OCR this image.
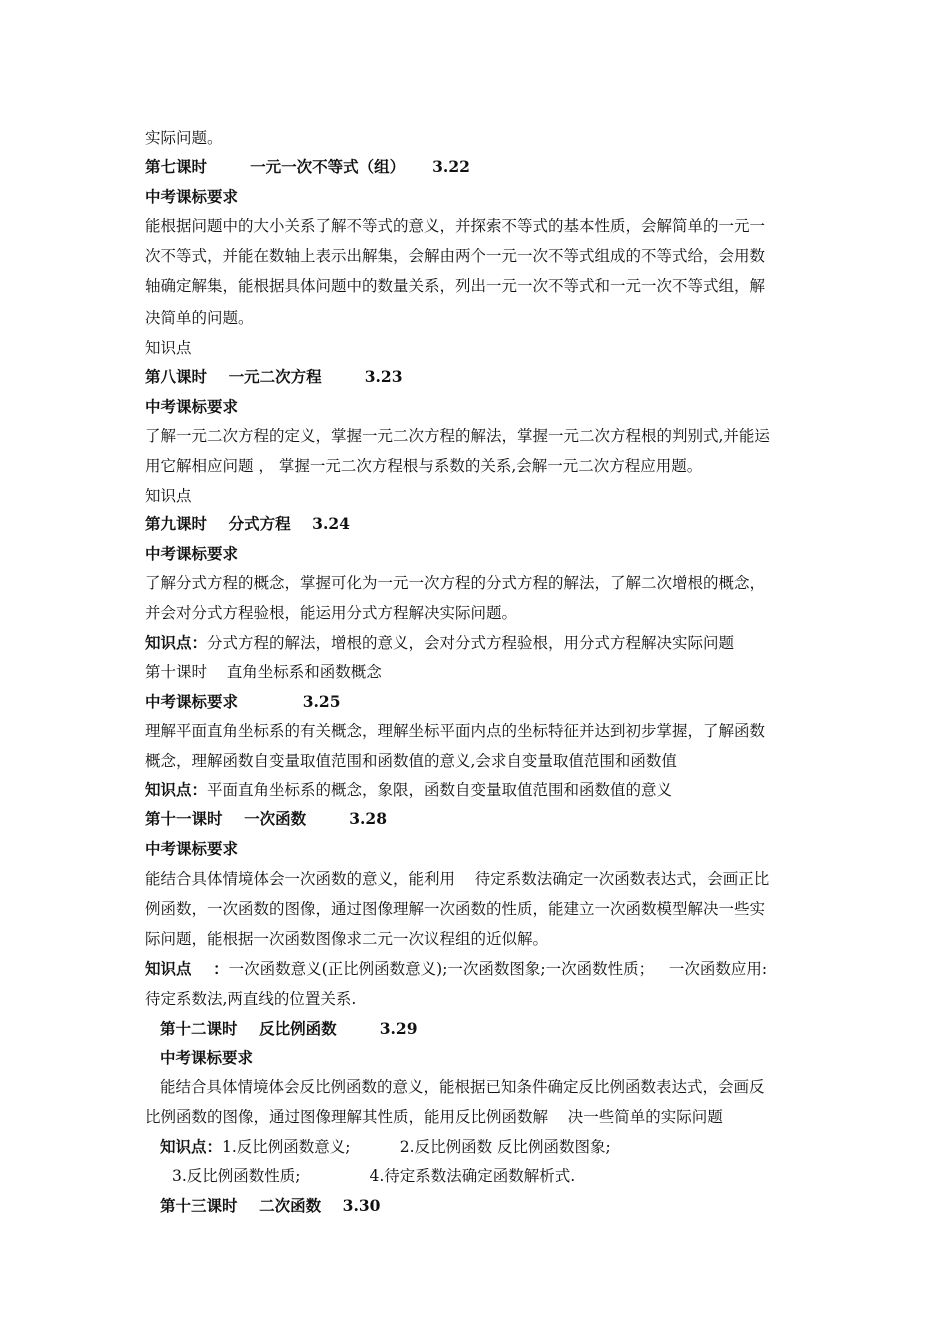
实际问题。
第七课时        一元一次不等式（组）     3.22
中考课标要求
能根据问题中的大小关系了解不等式的意义，并探索不等式的基本性质，会解简单的一元一
次不等式，并能在数轴上表示出解集，会解由两个一元一次不等式组成的不等式给，会用数
轴确定解集，能根据具体问题中的数量关系，列出一元一次不等式和一元一次不等式组，解
决简单的问题。
知识点
第八课时    一元二次方程        3.23
中考课标要求
了解一元二次方程的定义，掌握一元二次方程的解法，掌握一元二次方程根的判别式,并能运
用它解相应问题 ， 掌握一元二次方程根与系数的关系,会解一元二次方程应用题。
知识点
第九课时    分式方程    3.24
中考课标要求
了解分式方程的概念，掌握可化为一元一次方程的分式方程的解法，了解二次增根的概念，
并会对分式方程验根，能运用分式方程解决实际问题。
知识点：分式方程的解法，增根的意义，会对分式方程验根，用分式方程解决实际问题
第十课时    直角坐标系和函数概念
中考课标要求            3.25
理解平面直角坐标系的有关概念，理解坐标平面内点的坐标特征并达到初步掌握，了解函数
概念，理解函数自变量取值范围和函数值的意义,会求自变量取值范围和函数值
知识点：平面直角坐标系的概念，象限，函数自变量取值范围和函数值的意义
第十一课时    一次函数        3.28
中考课标要求
能结合具体情境体会一次函数的意义，能利用    待定系数法确定一次函数表达式，会画正比
例函数，一次函数的图像，通过图像理解一次函数的性质，能建立一次函数模型解决一些实
际问题，能根据一次函数图像求二元一次议程组的近似解。
知识点    ：一次函数意义(正比例函数意义);一次函数图象;一次函数性质；   一次函数应用:
待定系数法,两直线的位置关系.
第十二课时    反比例函数        3.29
中考课标要求
能结合具体情境体会反比例函数的意义，能根据已知条件确定反比例函数表达式，会画反
比例函数的图像，通过图像理解其性质，能用反比例函数解    决一些简单的实际问题
知识点：1.反比例函数意义;          2.反比例函数 反比例函数图象;
3.反比例函数性质;              4.待定系数法确定函数解析式.
第十三课时    二次函数    3.30
